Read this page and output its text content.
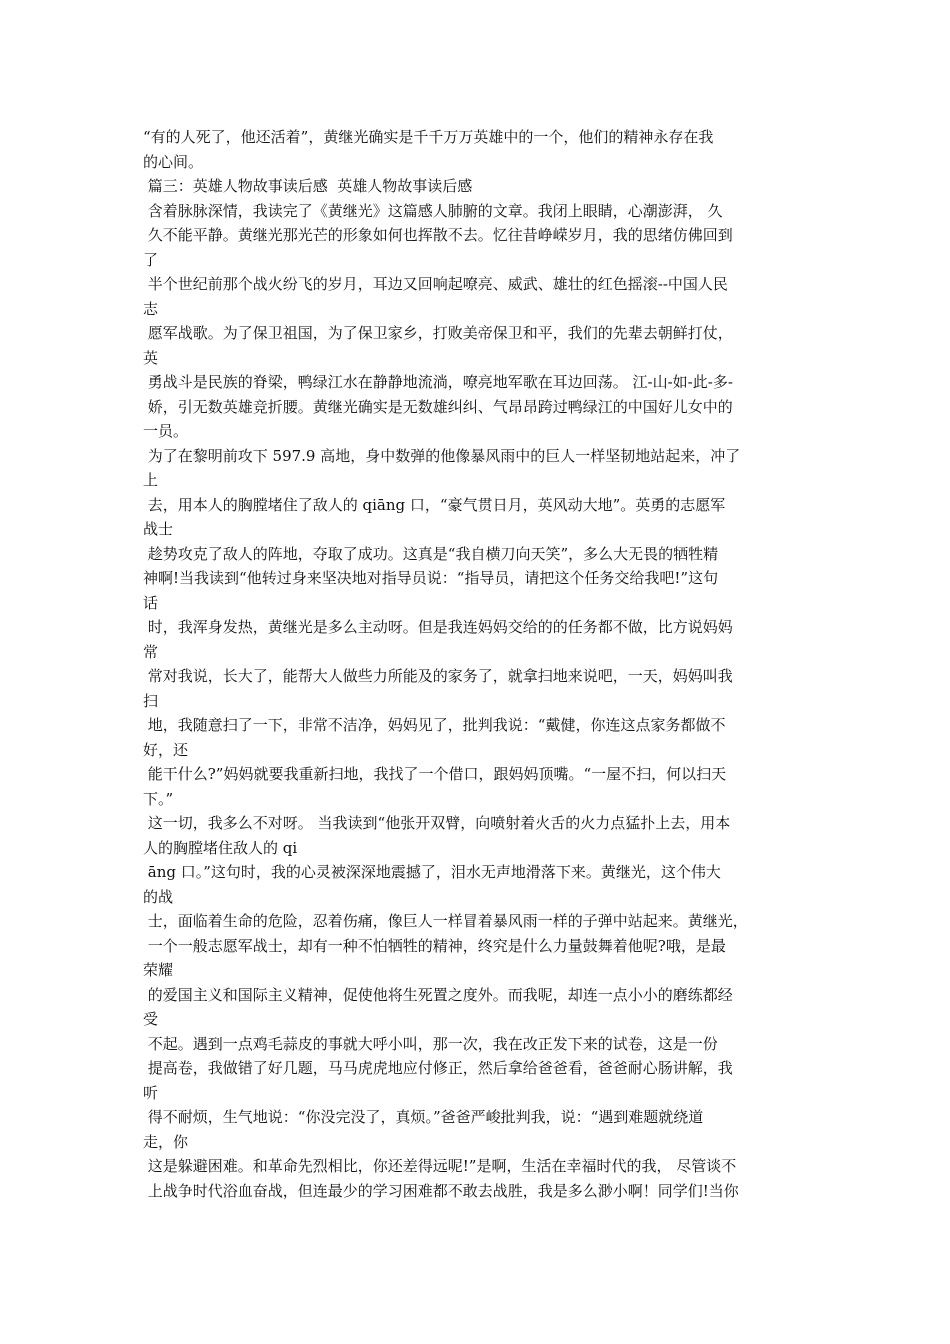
“有的人死了，他还活着”，黄继光确实是千千万万英雄中的一个，他们的精神永存在我
的心间。
篇三：英雄人物故事读后感  英雄人物故事读后感
含着脉脉深情，我读完了《黄继光》这篇感人肺腑的文章。我闭上眼睛，心潮澎湃， 久
久不能平静。黄继光那光芒的形象如何也挥散不去。忆往昔峥嵘岁月，我的思绪仿佛回到
了
半个世纪前那个战火纷飞的岁月，耳边又回响起嘹亮、威武、雄壮的红色摇滚--中国人民
志
愿军战歌。为了保卫祖国，为了保卫家乡，打败美帝保卫和平，我们的先辈去朝鲜打仗，
英
勇战斗是民族的脊梁，鸭绿江水在静静地流淌，嘹亮地军歌在耳边回荡。 江-山-如-此-多-
娇，引无数英雄竞折腰。黄继光确实是无数雄纠纠、气昂昂跨过鸭绿江的中国好儿女中的
一员。
为了在黎明前攻下 597.9 高地，身中数弹的他像暴风雨中的巨人一样坚韧地站起来，冲了
上
去，用本人的胸膛堵住了敌人的 qiāng 口，“豪气贯日月，英风动大地”。英勇的志愿军
战士
趁势攻克了敌人的阵地，夺取了成功。这真是“我自横刀向天笑”，多么大无畏的牺牲精
神啊!当我读到“他转过身来坚决地对指导员说：“指导员，请把这个任务交给我吧!”这句
话
时，我浑身发热，黄继光是多么主动呀。但是我连妈妈交给的的任务都不做，比方说妈妈
常
常对我说，长大了，能帮大人做些力所能及的家务了，就拿扫地来说吧，一天，妈妈叫我
扫
地，我随意扫了一下，非常不洁净，妈妈见了，批判我说：“戴健，你连这点家务都做不
好，还
能干什么?”妈妈就要我重新扫地，我找了一个借口，跟妈妈顶嘴。“一屋不扫，何以扫天
下。”
这一切，我多么不对呀。 当我读到“他张开双臂，向喷射着火舌的火力点猛扑上去，用本
人的胸膛堵住敌人的 qi
āng 口。”这句时，我的心灵被深深地震撼了，泪水无声地滑落下来。黄继光，这个伟大
的战
士，面临着生命的危险，忍着伤痛，像巨人一样冒着暴风雨一样的子弹中站起来。黄继光，
一个一般志愿军战士，却有一种不怕牺牲的精神，终究是什么力量鼓舞着他呢?哦，是最
荣耀
的爱国主义和国际主义精神，促使他将生死置之度外。而我呢，却连一点小小的磨练都经
受
不起。遇到一点鸡毛蒜皮的事就大呼小叫，那一次，我在改正发下来的试卷，这是一份
提高卷，我做错了好几题，马马虎虎地应付修正，然后拿给爸爸看，爸爸耐心肠讲解，我
听
得不耐烦，生气地说：“你没完没了，真烦。”爸爸严峻批判我，说：“遇到难题就绕道
走，你
这是躲避困难。和革命先烈相比，你还差得远呢!”是啊，生活在幸福时代的我， 尽管谈不
上战争时代浴血奋战，但连最少的学习困难都不敢去战胜，我是多么渺小啊！同学们!当你
